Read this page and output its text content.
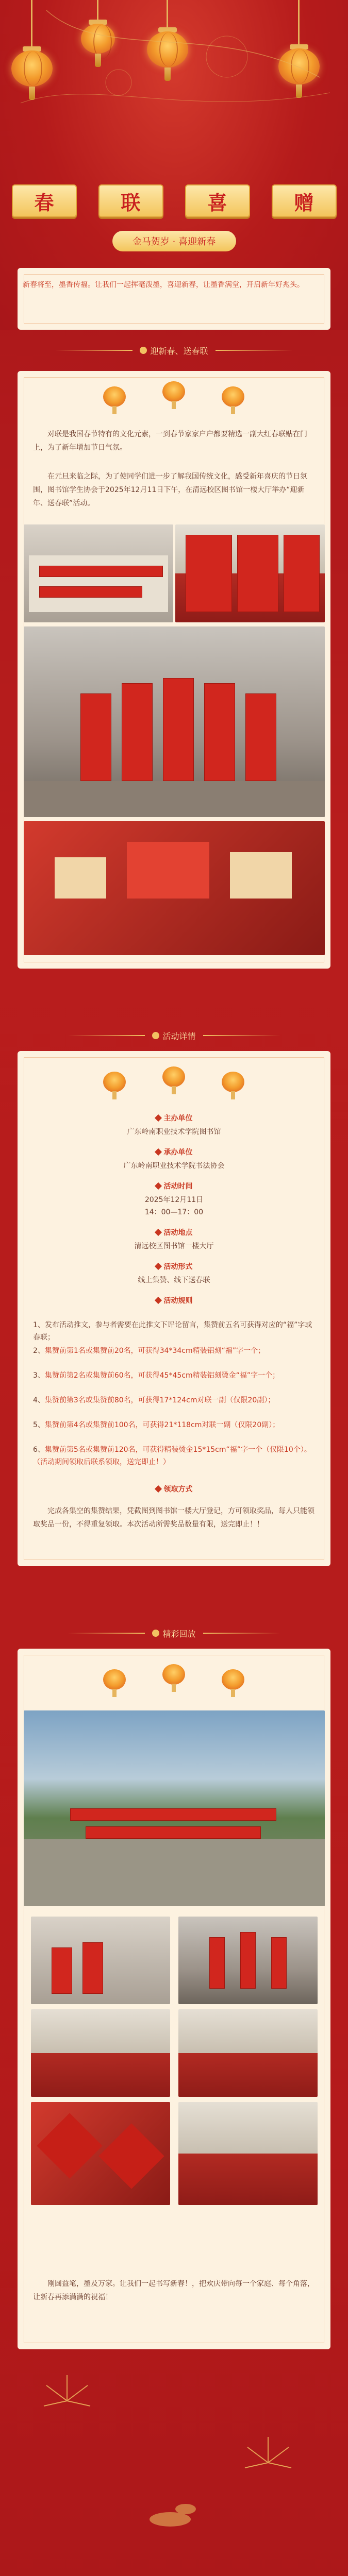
春	联	喜	赠
金马贺岁 · 喜迎新春
新春将至，墨香传福。让我们一起挥毫泼墨，喜迎新春，让墨香满堂，开启新年好兆头。
迎新春、送春联
对联是我国春节特有的文化元素，一到春节家家户户都要精选一副大红春联贴在门上，为了新年增加节日气氛。
在元旦来临之际，为了使同学们进一步了解我国传统文化，感受新年喜庆的节日氛围，图书馆学生协会于2025年12月11日下午，在清远校区图书馆一楼大厅举办“迎新年、送春联”活动。
活动详情
主办单位
广东岭南职业技术学院图书馆
承办单位
广东岭南职业技术学院书法协会
活动时间
2025年12月11日
14：00—17：00
活动地点
清远校区图书馆一楼大厅
活动形式
线上集赞、线下送春联
活动规则
1、发布活动推文，参与者需要在此推文下评论留言，集赞前五名可获得对应的“福”字或春联；
2、集赞前第1名或集赞前20名，可获得34*34cm精装铝刻“福”字一个；
3、集赞前第2名或集赞前60名，可获得45*45cm精装铝刻烫金“福”字一个；
4、集赞前第3名或集赞前80名，可获得17*124cm对联一副（仅限20副）；
5、集赞前第4名或集赞前100名，可获得21*118cm对联一副（仅限20副）；
6、集赞前第5名或集赞前120名，可获得精装烫金15*15cm“福”字一个（仅限10个）。（活动期间领取后联系领取，送完即止！）
领取方式
完成各集空的集赞结果，凭截图到图书馆一楼大厅登记，方可领取奖品，每人只能领取奖品一份，不得重复领取。本次活动所需奖品数量有限，送完即止！！
精彩回放
刚圆益笔，墨及万家。让我们一起书写新春！，把欢庆带向每一个家庭、每个角落，让新春再添满满的祝福！
